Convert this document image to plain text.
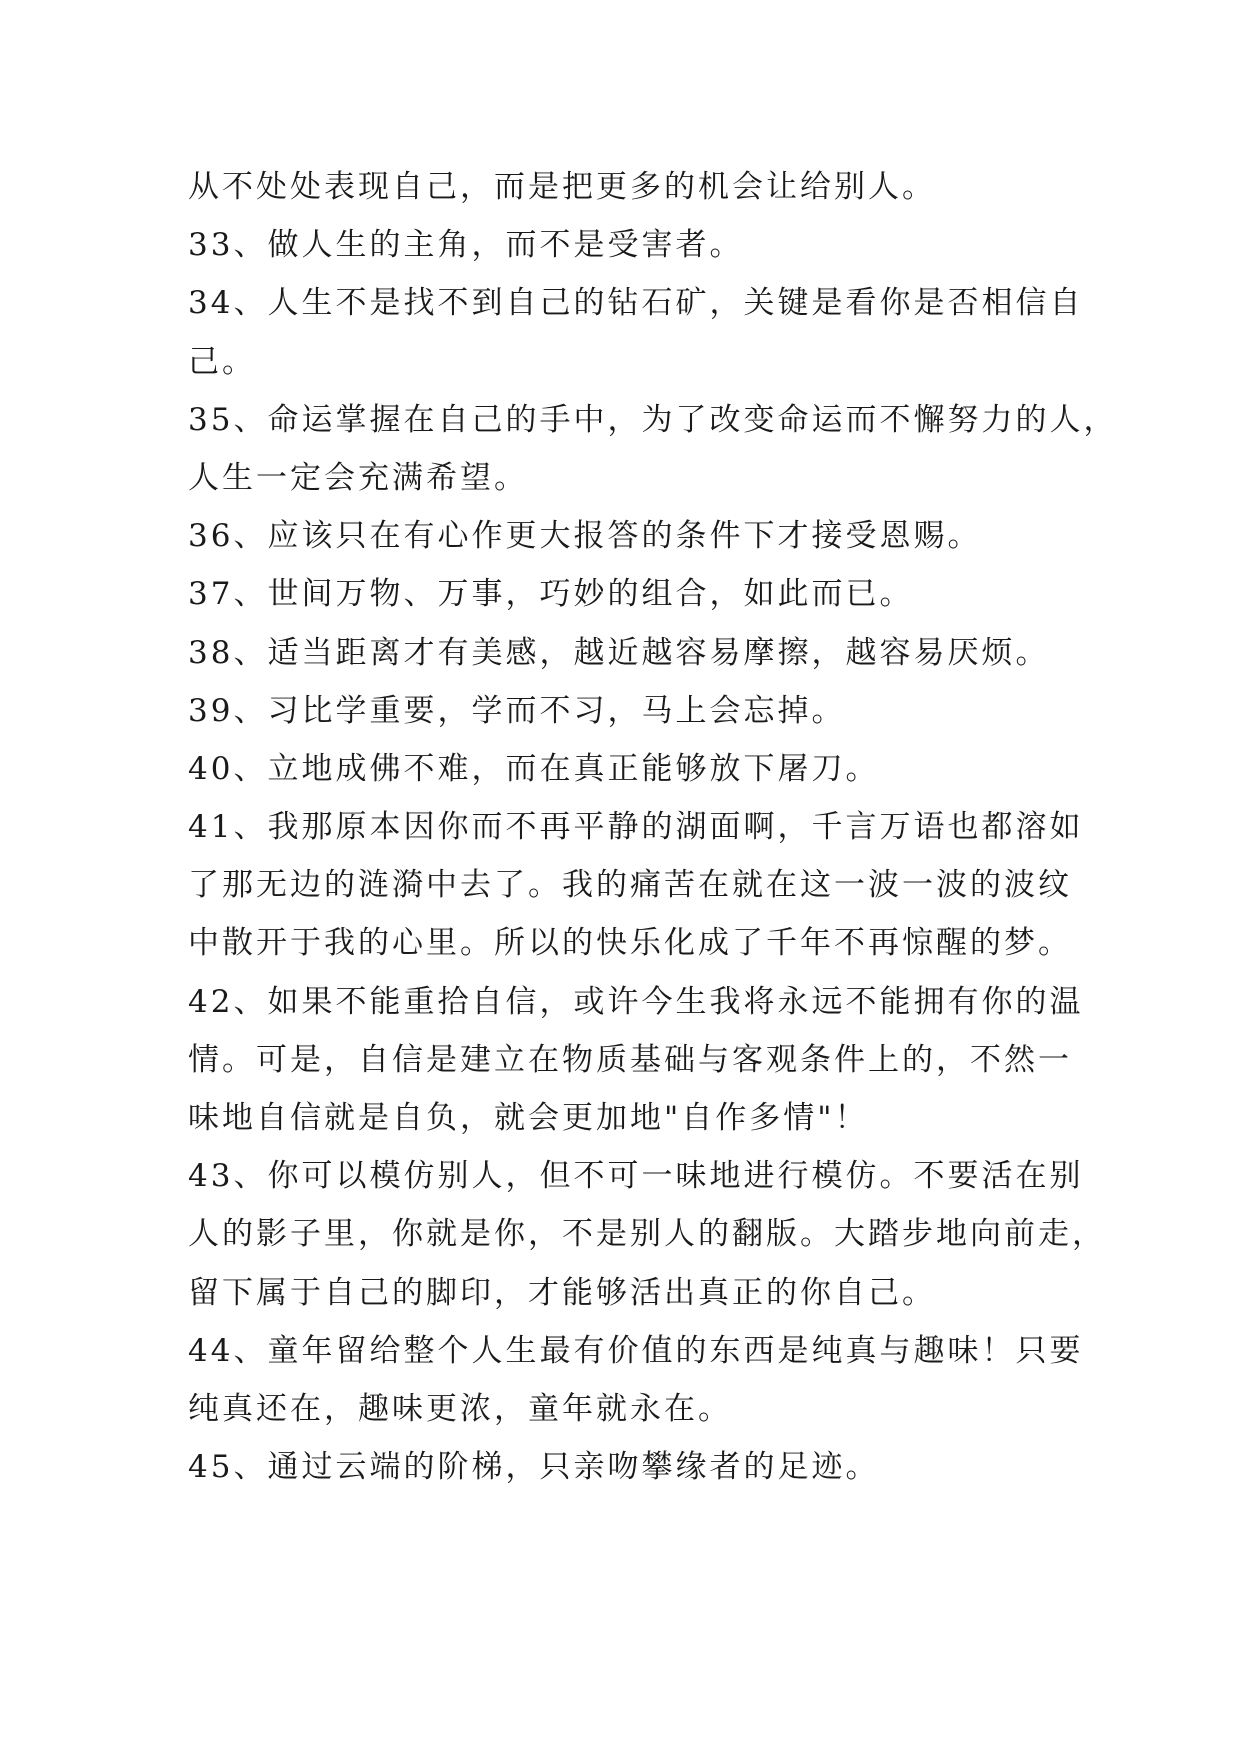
从不处处表现自己，而是把更多的机会让给别人。
33、做人生的主角，而不是受害者。
34、人生不是找不到自己的钻石矿，关键是看你是否相信自
己。
35、命运掌握在自己的手中，为了改变命运而不懈努力的人，
人生一定会充满希望。
36、应该只在有心作更大报答的条件下才接受恩赐。
37、世间万物、万事，巧妙的组合，如此而已。
38、适当距离才有美感，越近越容易摩擦，越容易厌烦。
39、习比学重要，学而不习，马上会忘掉。
40、立地成佛不难，而在真正能够放下屠刀。
41、我那原本因你而不再平静的湖面啊，千言万语也都溶如
了那无边的涟漪中去了。我的痛苦在就在这一波一波的波纹
中散开于我的心里。所以的快乐化成了千年不再惊醒的梦。
42、如果不能重拾自信，或许今生我将永远不能拥有你的温
情。可是，自信是建立在物质基础与客观条件上的，不然一
味地自信就是自负，就会更加地"自作多情"！
43、你可以模仿别人，但不可一味地进行模仿。不要活在别
人的影子里，你就是你，不是别人的翻版。大踏步地向前走，
留下属于自己的脚印，才能够活出真正的你自己。
44、童年留给整个人生最有价值的东西是纯真与趣味！只要
纯真还在，趣味更浓，童年就永在。
45、通过云端的阶梯，只亲吻攀缘者的足迹。
